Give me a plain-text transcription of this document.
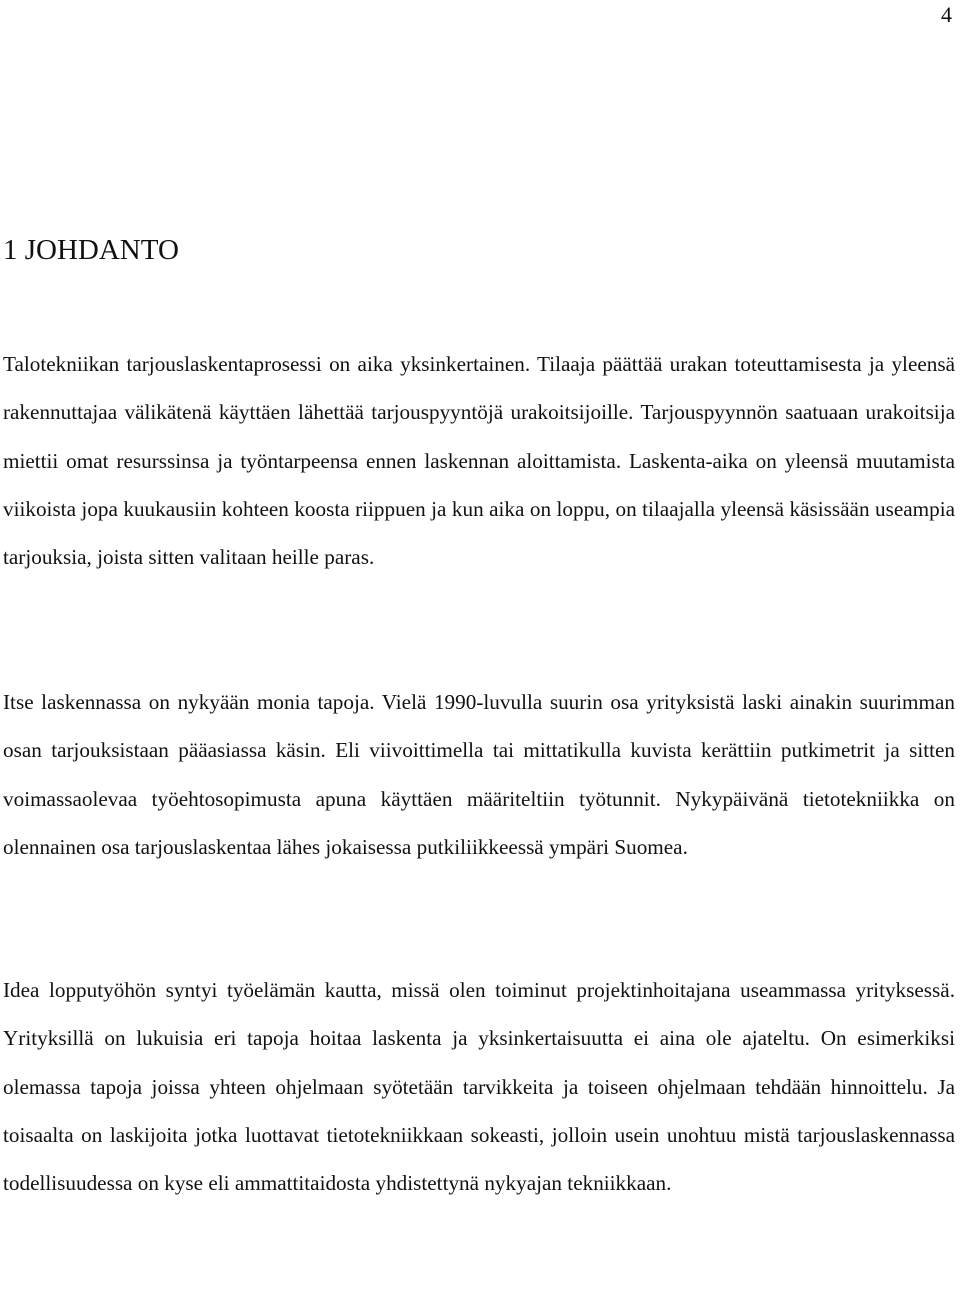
4
1 JOHDANTO

Talotekniikan tarjouslaskentaprosessi on aika yksinkertainen. Tilaaja päättää urakan toteuttamisesta ja yleensä rakennuttajaa välikätenä käyttäen lähettää tarjouspyyntöjä urakoitsijoille. Tarjouspyynnön saatuaan urakoitsija miettii omat resurssinsa ja työntarpeensa ennen laskennan aloittamista. Laskenta-aika on yleensä muutamista viikoista jopa kuukausiin kohteen koosta riippuen ja kun aika on loppu, on tilaajalla yleensä käsissään useampia tarjouksia, joista sitten valitaan heille paras.

Itse laskennassa on nykyään monia tapoja. Vielä 1990-luvulla suurin osa yrityksistä laski ainakin suurimman osan tarjouksistaan pääasiassa käsin. Eli viivoittimella tai mittatikulla kuvista kerättiin putkimetrit ja sitten voimassaolevaa työehtosopimusta apuna käyttäen määriteltiin työtunnit. Nykypäivänä tietotekniikka on olennainen osa tarjouslaskentaa lähes jokaisessa putkiliikkeessä ympäri Suomea.

Idea lopputyöhön syntyi työelämän kautta, missä olen toiminut projektinhoitajana useammassa yrityksessä. Yrityksillä on lukuisia eri tapoja hoitaa laskenta ja yksinkertaisuutta ei aina ole ajateltu. On esimerkiksi olemassa tapoja joissa yhteen ohjelmaan syötetään tarvikkeita ja toiseen ohjelmaan tehdään hinnoittelu. Ja toisaalta on laskijoita jotka luottavat tietotekniikkaan sokeasti, jolloin usein unohtuu mistä tarjouslaskennassa todellisuudessa on kyse eli ammattitaidosta yhdistettynä nykyajan tekniikkaan.
